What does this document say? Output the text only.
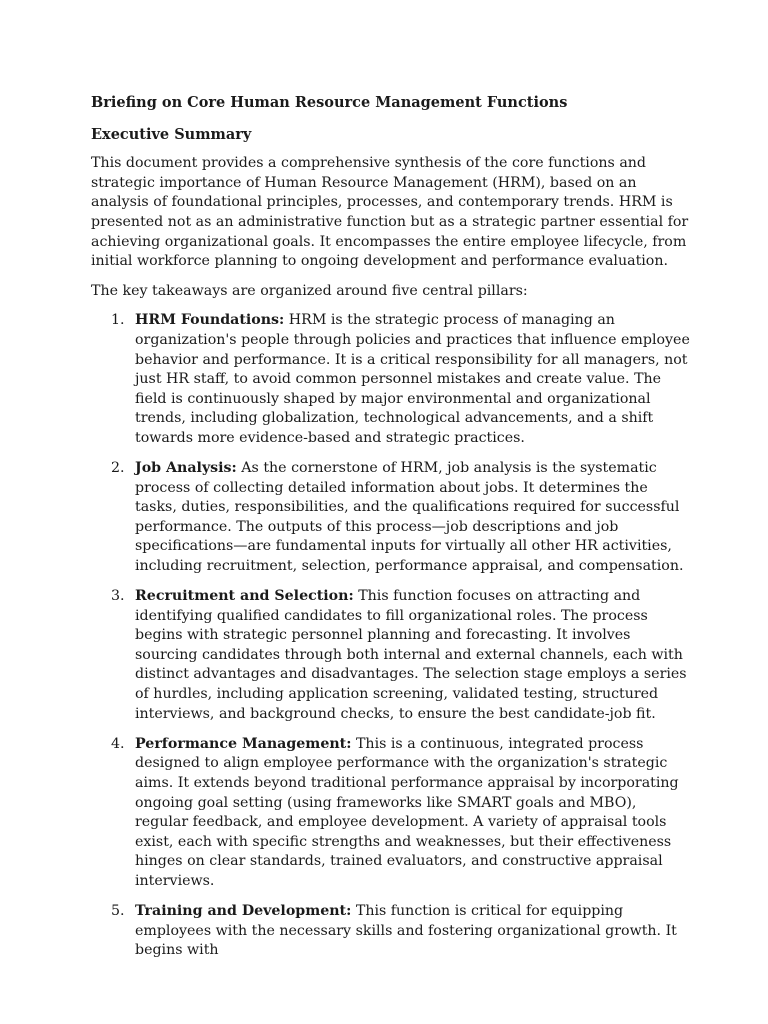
Briefing on Core Human Resource Management Functions

Executive Summary

This document provides a comprehensive synthesis of the core functions and strategic importance of Human Resource Management (HRM), based on an analysis of foundational principles, processes, and contemporary trends. HRM is presented not as an administrative function but as a strategic partner essential for achieving organizational goals. It encompasses the entire employee lifecycle, from initial workforce planning to ongoing development and performance evaluation.

The key takeaways are organized around five central pillars:

1. HRM Foundations: HRM is the strategic process of managing an organization's people through policies and practices that influence employee behavior and performance. It is a critical responsibility for all managers, not just HR staff, to avoid common personnel mistakes and create value. The field is continuously shaped by major environmental and organizational trends, including globalization, technological advancements, and a shift towards more evidence-based and strategic practices.
2. Job Analysis: As the cornerstone of HRM, job analysis is the systematic process of collecting detailed information about jobs. It determines the tasks, duties, responsibilities, and the qualifications required for successful performance. The outputs of this process—job descriptions and job specifications—are fundamental inputs for virtually all other HR activities, including recruitment, selection, performance appraisal, and compensation.
3. Recruitment and Selection: This function focuses on attracting and identifying qualified candidates to fill organizational roles. The process begins with strategic personnel planning and forecasting. It involves sourcing candidates through both internal and external channels, each with distinct advantages and disadvantages. The selection stage employs a series of hurdles, including application screening, validated testing, structured interviews, and background checks, to ensure the best candidate-job fit.
4. Performance Management: This is a continuous, integrated process designed to align employee performance with the organization's strategic aims. It extends beyond traditional performance appraisal by incorporating ongoing goal setting (using frameworks like SMART goals and MBO), regular feedback, and employee development. A variety of appraisal tools exist, each with specific strengths and weaknesses, but their effectiveness hinges on clear standards, trained evaluators, and constructive appraisal interviews.
5. Training and Development: This function is critical for equipping employees with the necessary skills and fostering organizational growth. It begins with
